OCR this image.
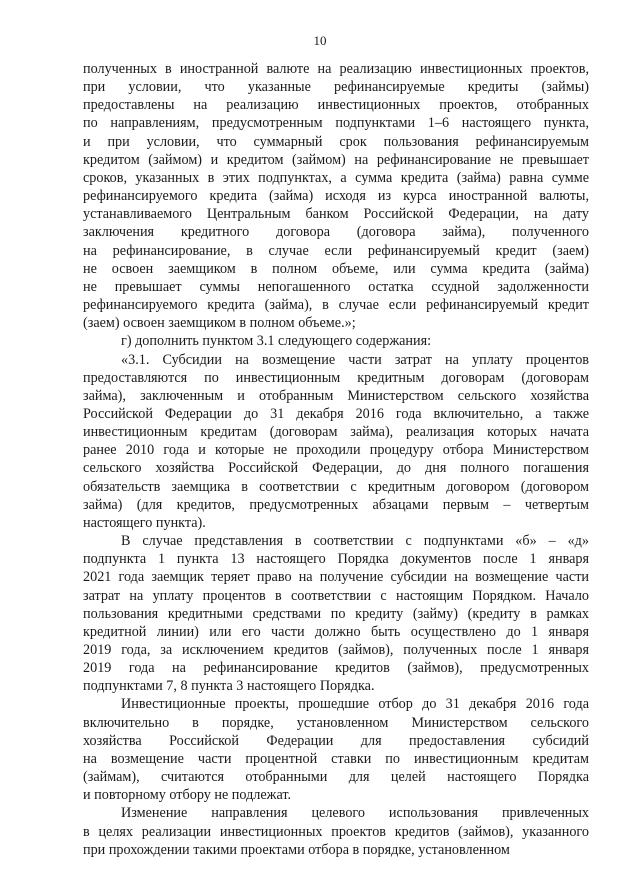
10
полученных в иностранной валюте на реализацию инвестиционных проектов,
при условии, что указанные рефинансируемые кредиты (займы)
предоставлены на реализацию инвестиционных проектов, отобранных
по направлениям, предусмотренным подпунктами 1–6 настоящего пункта,
и при условии, что суммарный срок пользования рефинансируемым
кредитом (займом) и кредитом (займом) на рефинансирование не превышает
сроков, указанных в этих подпунктах, а сумма кредита (займа) равна сумме
рефинансируемого кредита (займа) исходя из курса иностранной валюты,
устанавливаемого Центральным банком Российской Федерации, на дату
заключения кредитного договора (договора займа), полученного
на рефинансирование, в случае если рефинансируемый кредит (заем)
не освоен заемщиком в полном объеме, или сумма кредита (займа)
не превышает суммы непогашенного остатка ссудной задолженности
рефинансируемого кредита (займа), в случае если рефинансируемый кредит
(заем) освоен заемщиком в полном объеме.»;
г) дополнить пунктом 3.1 следующего содержания:
«3.1. Субсидии на возмещение части затрат на уплату процентов
предоставляются по инвестиционным кредитным договорам (договорам
займа), заключенным и отобранным Министерством сельского хозяйства
Российской Федерации до 31 декабря 2016 года включительно, а также
инвестиционным кредитам (договорам займа), реализация которых начата
ранее 2010 года и которые не проходили процедуру отбора Министерством
сельского хозяйства Российской Федерации, до дня полного погашения
обязательств заемщика в соответствии с кредитным договором (договором
займа) (для кредитов, предусмотренных абзацами первым – четвертым
настоящего пункта).
В случае представления в соответствии с подпунктами «б» – «д»
подпункта 1 пункта 13 настоящего Порядка документов после 1 января
2021 года заемщик теряет право на получение субсидии на возмещение части
затрат на уплату процентов в соответствии с настоящим Порядком. Начало
пользования кредитными средствами по кредиту (займу) (кредиту в рамках
кредитной линии) или его части должно быть осуществлено до 1 января
2019 года, за исключением кредитов (займов), полученных после 1 января
2019 года на рефинансирование кредитов (займов), предусмотренных
подпунктами 7, 8 пункта 3 настоящего Порядка.
Инвестиционные проекты, прошедшие отбор до 31 декабря 2016 года
включительно в порядке, установленном Министерством сельского
хозяйства Российской Федерации для предоставления субсидий
на возмещение части процентной ставки по инвестиционным кредитам
(займам), считаются отобранными для целей настоящего Порядка
и повторному отбору не подлежат.
Изменение направления целевого использования привлеченных
в целях реализации инвестиционных проектов кредитов (займов), указанного
при прохождении такими проектами отбора в порядке, установленном
